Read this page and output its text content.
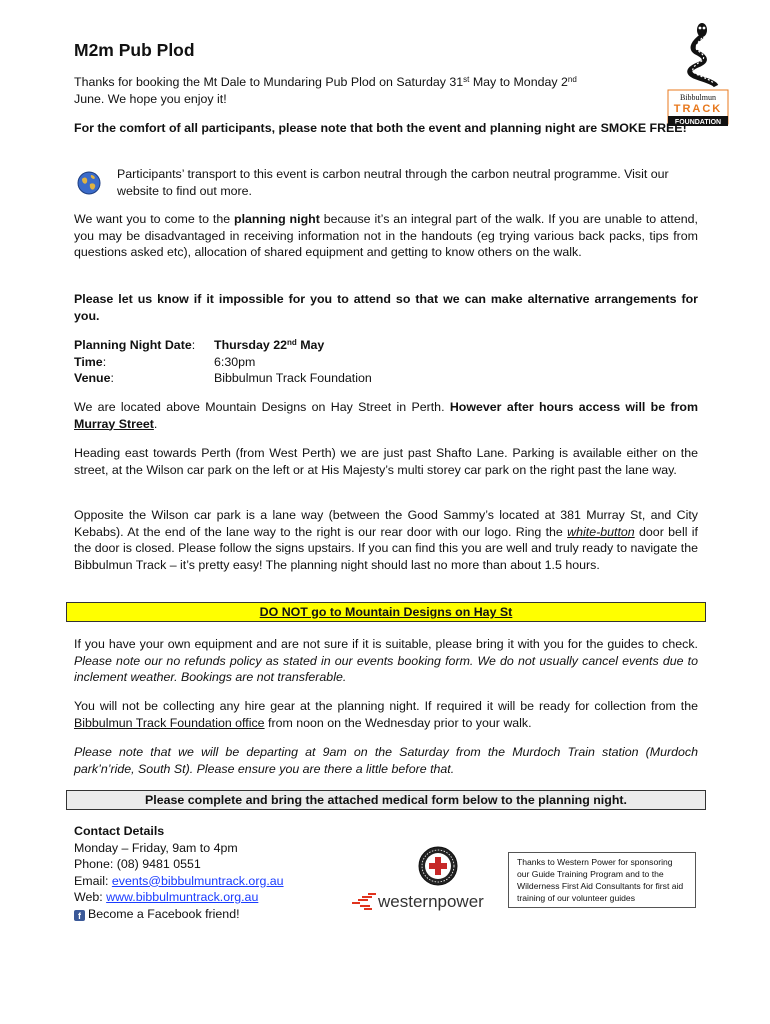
M2m Pub Plod
Bibbulmun
TRACK
FOUNDATION
Thanks for booking the Mt Dale to Mundaring Pub Plod on Saturday 31st May to Monday 2nd
June. We hope you enjoy it!
For the comfort of all participants, please note that both the event and planning night are SMOKE FREE!
Participants’ transport to this event is carbon neutral through the carbon neutral programme. Visit our website to find out more.
We want you to come to the planning night because it’s an integral part of the walk. If you are unable to attend, you may be disadvantaged in receiving information not in the handouts (eg trying various back packs, tips from questions asked etc), allocation of shared equipment and getting to know others on the walk.
Please let us know if it impossible for you to attend so that we can make alternative arrangements for you.
Planning Night Date:	Thursday 22nd May
Time:	6:30pm
Venue:	Bibbulmun Track Foundation
We are located above Mountain Designs on Hay Street in Perth. However after hours access will be from Murray Street.
Heading east towards Perth (from West Perth) we are just past Shafto Lane. Parking is available either on the street, at the Wilson car park on the left or at His Majesty’s multi storey car park on the right past the lane way.
Opposite the Wilson car park is a lane way (between the Good Sammy’s located at 381 Murray St, and City Kebabs). At the end of the lane way to the right is our rear door with our logo. Ring the white-button door bell if the door is closed. Please follow the signs upstairs. If you can find this you are well and truly ready to navigate the Bibbulmun Track – it’s pretty easy! The planning night should last no more than about 1.5 hours.
DO NOT go to Mountain Designs on Hay St
If you have your own equipment and are not sure if it is suitable, please bring it with you for the guides to check. Please note our no refunds policy as stated in our events booking form. We do not usually cancel events due to inclement weather. Bookings are not transferable.
You will not be collecting any hire gear at the planning night. If required it will be ready for collection from the Bibbulmun Track Foundation office from noon on the Wednesday prior to your walk.
Please note that we will be departing at 9am on the Saturday from the Murdoch Train station (Murdoch park’n’ride, South St). Please ensure you are there a little before that.
Please complete and bring the attached medical form below to the planning night.
Contact Details
Monday – Friday, 9am to 4pm
Phone: (08) 9481 0551
Email: events@bibbulmuntrack.org.au
Web: www.bibbulmuntrack.org.au
f Become a Facebook friend!
westernpower
Thanks to Western Power for sponsoring our Guide Training Program and to the Wilderness First Aid Consultants for first aid training of our volunteer guides
